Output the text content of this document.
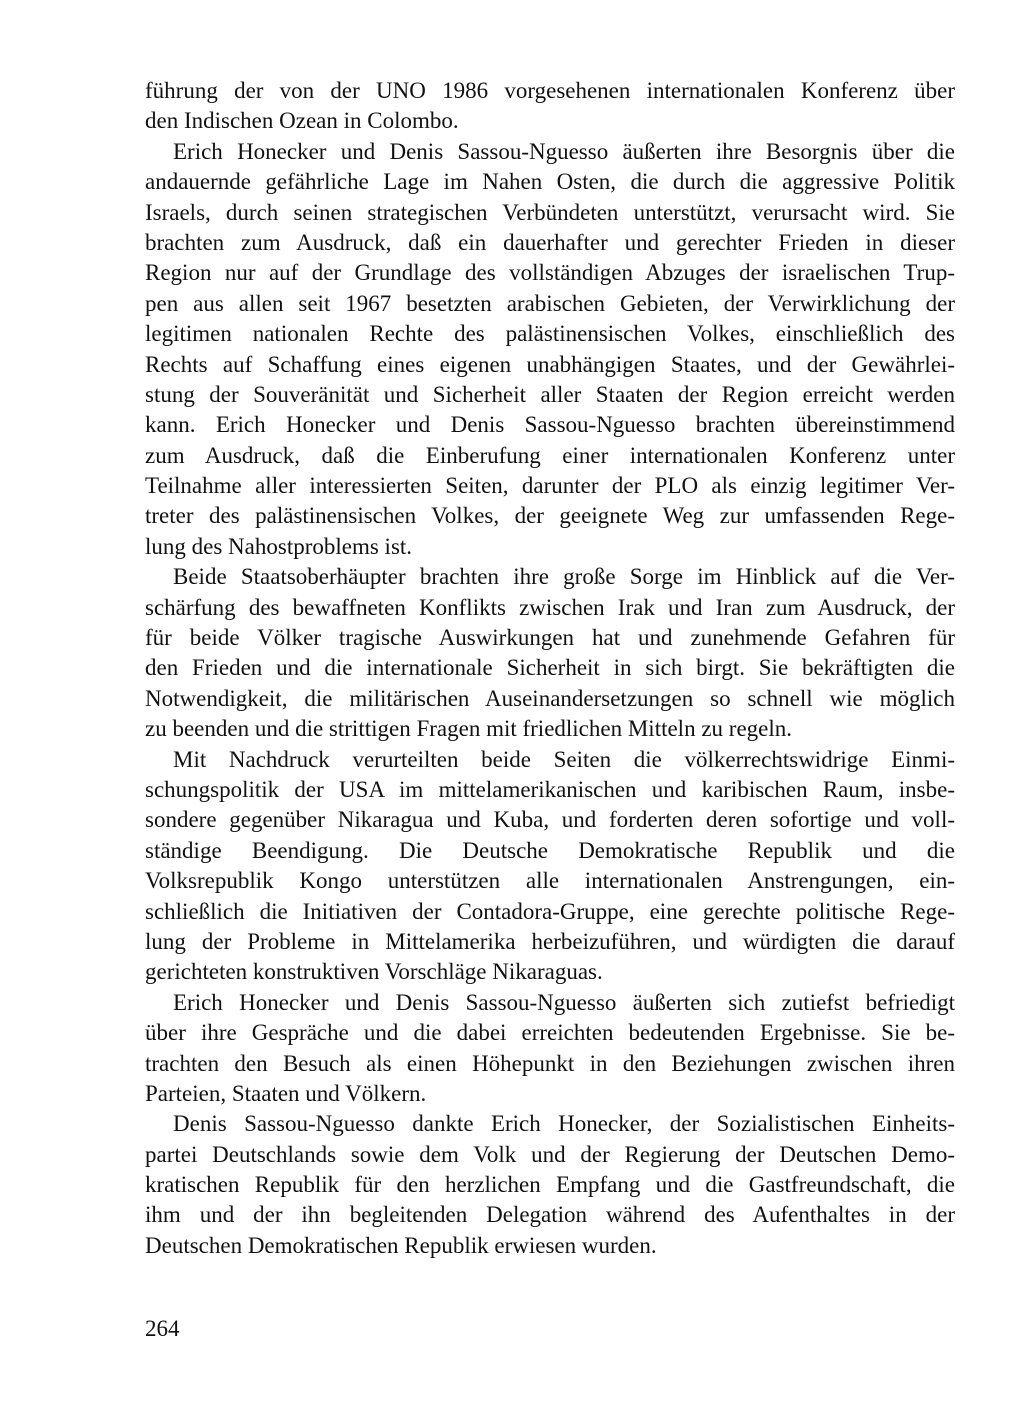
führung der von der UNO 1986 vorgesehenen internationalen Konferenz über
den Indischen Ozean in Colombo.
Erich Honecker und Denis Sassou-Nguesso äußerten ihre Besorgnis über die
andauernde gefährliche Lage im Nahen Osten, die durch die aggressive Politik
Israels, durch seinen strategischen Verbündeten unterstützt, verursacht wird. Sie
brachten zum Ausdruck, daß ein dauerhafter und gerechter Frieden in dieser
Region nur auf der Grundlage des vollständigen Abzuges der israelischen Trup-
pen aus allen seit 1967 besetzten arabischen Gebieten, der Verwirklichung der
legitimen nationalen Rechte des palästinensischen Volkes, einschließlich des
Rechts auf Schaffung eines eigenen unabhängigen Staates, und der Gewährlei-
stung der Souveränität und Sicherheit aller Staaten der Region erreicht werden
kann. Erich Honecker und Denis Sassou-Nguesso brachten übereinstimmend
zum Ausdruck, daß die Einberufung einer internationalen Konferenz unter
Teilnahme aller interessierten Seiten, darunter der PLO als einzig legitimer Ver-
treter des palästinensischen Volkes, der geeignete Weg zur umfassenden Rege-
lung des Nahostproblems ist.
Beide Staatsoberhäupter brachten ihre große Sorge im Hinblick auf die Ver-
schärfung des bewaffneten Konflikts zwischen Irak und Iran zum Ausdruck, der
für beide Völker tragische Auswirkungen hat und zunehmende Gefahren für
den Frieden und die internationale Sicherheit in sich birgt. Sie bekräftigten die
Notwendigkeit, die militärischen Auseinandersetzungen so schnell wie möglich
zu beenden und die strittigen Fragen mit friedlichen Mitteln zu regeln.
Mit Nachdruck verurteilten beide Seiten die völkerrechtswidrige Einmi-
schungspolitik der USA im mittelamerikanischen und karibischen Raum, insbe-
sondere gegenüber Nikaragua und Kuba, und forderten deren sofortige und voll-
ständige Beendigung. Die Deutsche Demokratische Republik und die
Volksrepublik Kongo unterstützen alle internationalen Anstrengungen, ein-
schließlich die Initiativen der Contadora-Gruppe, eine gerechte politische Rege-
lung der Probleme in Mittelamerika herbeizuführen, und würdigten die darauf
gerichteten konstruktiven Vorschläge Nikaraguas.
Erich Honecker und Denis Sassou-Nguesso äußerten sich zutiefst befriedigt
über ihre Gespräche und die dabei erreichten bedeutenden Ergebnisse. Sie be-
trachten den Besuch als einen Höhepunkt in den Beziehungen zwischen ihren
Parteien, Staaten und Völkern.
Denis Sassou-Nguesso dankte Erich Honecker, der Sozialistischen Einheits-
partei Deutschlands sowie dem Volk und der Regierung der Deutschen Demo-
kratischen Republik für den herzlichen Empfang und die Gastfreundschaft, die
ihm und der ihn begleitenden Delegation während des Aufenthaltes in der
Deutschen Demokratischen Republik erwiesen wurden.
264
